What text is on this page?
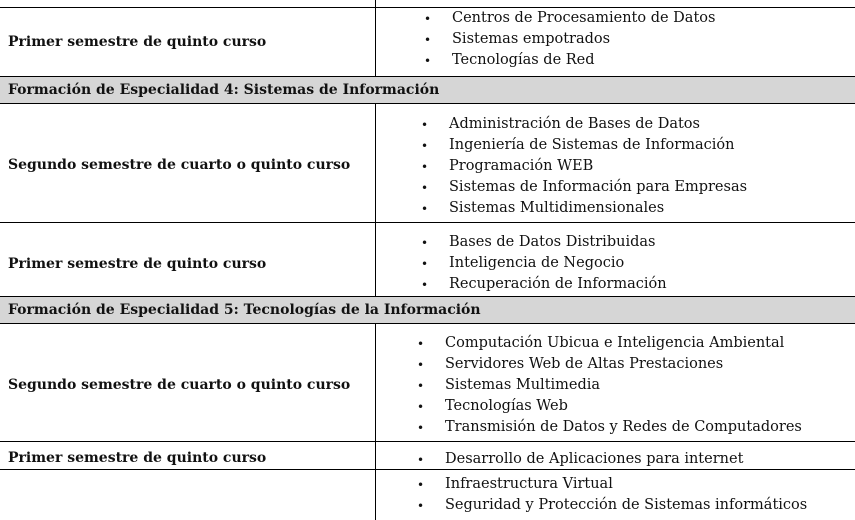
Primer semestre de quinto curso
• Centros de Procesamiento de Datos
• Sistemas empotrados
• Tecnologías de Red
Formación de Especialidad 4: Sistemas de Información
Segundo semestre de cuarto o quinto curso
• Administración de Bases de Datos
• Ingeniería de Sistemas de Información
• Programación WEB
• Sistemas de Información para Empresas
• Sistemas Multidimensionales
Primer semestre de quinto curso
• Bases de Datos Distribuidas
• Inteligencia de Negocio
• Recuperación de Información
Formación de Especialidad 5: Tecnologías de la Información
Segundo semestre de cuarto o quinto curso
• Computación Ubicua e Inteligencia Ambiental
• Servidores Web de Altas Prestaciones
• Sistemas Multimedia
• Tecnologías Web
• Transmisión de Datos y Redes de Computadores
Primer semestre de quinto curso	• Desarrollo de Aplicaciones para internet
• Infraestructura Virtual
• Seguridad y Protección de Sistemas informáticos
